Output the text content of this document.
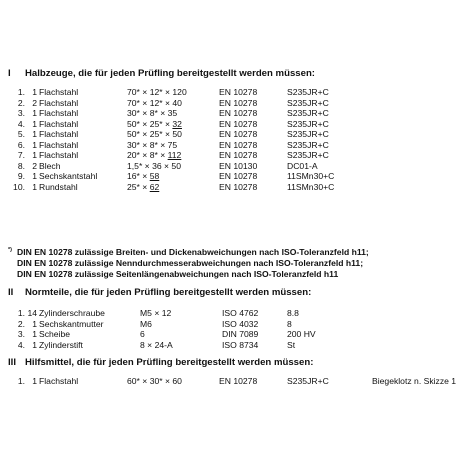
I Halbzeuge, die für jeden Prüfling bereitgestellt werden müssen:
1. 1 Flachstahl	70* × 12* × 120	EN 10278	S235JR+C
2. 2 Flachstahl	70* × 12* × 40	EN 10278	S235JR+C
3. 1 Flachstahl	30* × 8* × 35	EN 10278	S235JR+C
4. 1 Flachstahl	50* × 25* × 32	EN 10278	S235JR+C
5. 1 Flachstahl	50* × 25* × 50	EN 10278	S235JR+C
6. 1 Flachstahl	30* × 8* × 75	EN 10278	S235JR+C
7. 1 Flachstahl	20* × 8* × 112	EN 10278	S235JR+C
8. 2 Blech	1,5* × 36 × 50	EN 10130	DC01-A
9. 1 Sechskantstahl	16* × 58	EN 10278	11SMn30+C
10. 1 Rundstahl	25* × 62	EN 10278	11SMn30+C
*) DIN EN 10278 zulässige Breiten- und Dickenabweichungen nach ISO-Toleranzfeld h11;
DIN EN 10278 zulässige Nenndurchmesserabweichungen nach ISO-Toleranzfeld h11;
DIN EN 10278 zulässige Seitenlängenabweichungen nach ISO-Toleranzfeld h11
II Normteile, die für jeden Prüfling bereitgestellt werden müssen:
1. 14 Zylinderschraube	M5 × 12	ISO 4762	8.8
2. 1 Sechskantmutter	M6	ISO 4032	8
3. 1 Scheibe	6	DIN 7089	200 HV
4. 1 Zylinderstift	8 × 24-A	ISO 8734	St
III Hilfsmittel, die für jeden Prüfling bereitgestellt werden müssen:
1. 1 Flachstahl	60* × 30* × 60	EN 10278	S235JR+C	Biegeklotz n. Skizze 1
